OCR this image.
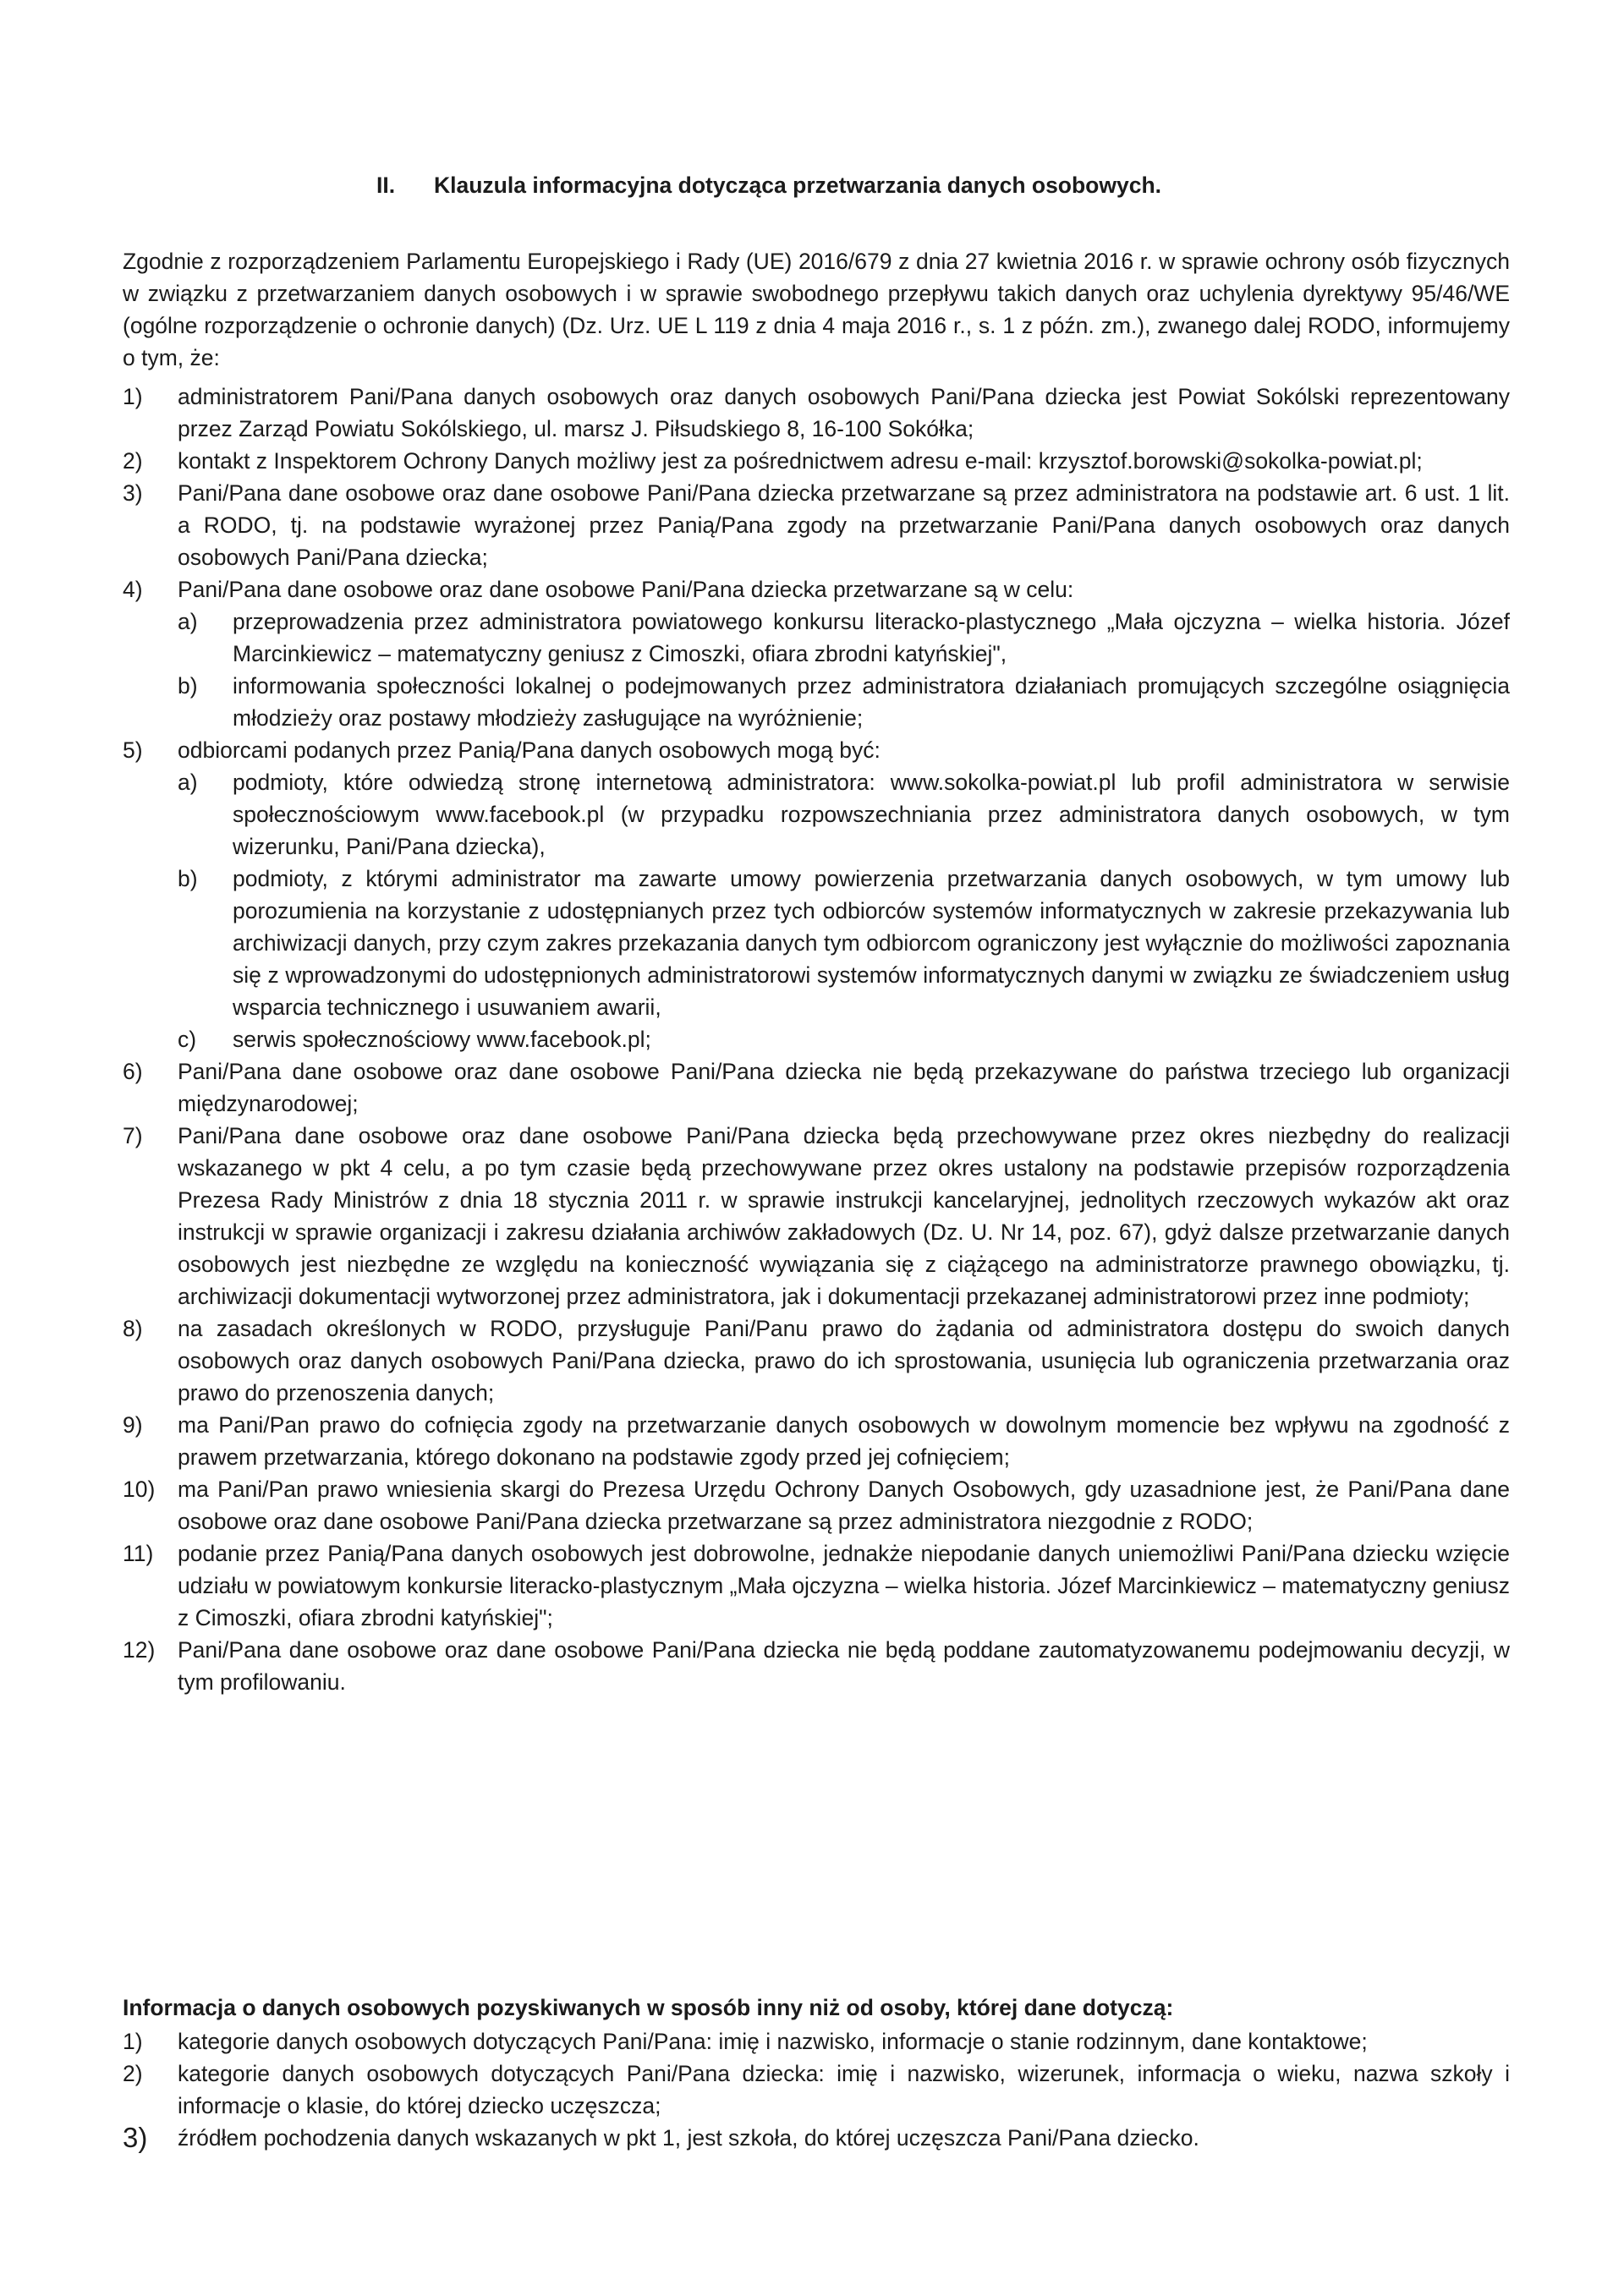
II. Klauzula informacyjna dotycząca przetwarzania danych osobowych.
Zgodnie z rozporządzeniem Parlamentu Europejskiego i Rady (UE) 2016/679 z dnia 27 kwietnia 2016 r. w sprawie ochrony osób fizycznych w związku z przetwarzaniem danych osobowych i w sprawie swobodnego przepływu takich danych oraz uchylenia dyrektywy 95/46/WE (ogólne rozporządzenie o ochronie danych) (Dz. Urz. UE L 119 z dnia 4 maja 2016 r., s. 1 z późn. zm.), zwanego dalej RODO, informujemy o tym, że:
1) administratorem Pani/Pana danych osobowych oraz danych osobowych Pani/Pana dziecka jest Powiat Sokólski reprezentowany przez Zarząd Powiatu Sokólskiego, ul. marsz J. Piłsudskiego 8, 16-100 Sokółka;
2) kontakt z Inspektorem Ochrony Danych możliwy jest za pośrednictwem adresu e-mail: krzysztof.borowski@sokolka-powiat.pl;
3) Pani/Pana dane osobowe oraz dane osobowe Pani/Pana dziecka przetwarzane są przez administratora na podstawie art. 6 ust. 1 lit. a RODO, tj. na podstawie wyrażonej przez Panią/Pana zgody na przetwarzanie Pani/Pana danych osobowych oraz danych osobowych Pani/Pana dziecka;
4) Pani/Pana dane osobowe oraz dane osobowe Pani/Pana dziecka przetwarzane są w celu:
a) przeprowadzenia przez administratora powiatowego konkursu literacko-plastycznego „Mała ojczyzna – wielka historia. Józef Marcinkiewicz – matematyczny geniusz z Cimoszki, ofiara zbrodni katyńskiej",
b) informowania społeczności lokalnej o podejmowanych przez administratora działaniach promujących szczególne osiągnięcia młodzieży oraz postawy młodzieży zasługujące na wyróżnienie;
5) odbiorcami podanych przez Panią/Pana danych osobowych mogą być:
a) podmioty, które odwiedzą stronę internetową administratora: www.sokolka-powiat.pl lub profil administratora w serwisie społecznościowym www.facebook.pl (w przypadku rozpowszechniania przez administratora danych osobowych, w tym wizerunku, Pani/Pana dziecka),
b) podmioty, z którymi administrator ma zawarte umowy powierzenia przetwarzania danych osobowych, w tym umowy lub porozumienia na korzystanie z udostępnianych przez tych odbiorców systemów informatycznych w zakresie przekazywania lub archiwizacji danych, przy czym zakres przekazania danych tym odbiorcom ograniczony jest wyłącznie do możliwości zapoznania się z wprowadzonymi do udostępnionych administratorowi systemów informatycznych danymi w związku ze świadczeniem usług wsparcia technicznego i usuwaniem awarii,
c) serwis społecznościowy www.facebook.pl;
6) Pani/Pana dane osobowe oraz dane osobowe Pani/Pana dziecka nie będą przekazywane do państwa trzeciego lub organizacji międzynarodowej;
7) Pani/Pana dane osobowe oraz dane osobowe Pani/Pana dziecka będą przechowywane przez okres niezbędny do realizacji wskazanego w pkt 4 celu, a po tym czasie będą przechowywane przez okres ustalony na podstawie przepisów rozporządzenia Prezesa Rady Ministrów z dnia 18 stycznia 2011 r. w sprawie instrukcji kancelaryjnej, jednolitych rzeczowych wykazów akt oraz instrukcji w sprawie organizacji i zakresu działania archiwów zakładowych (Dz. U. Nr 14, poz. 67), gdyż dalsze przetwarzanie danych osobowych jest niezbędne ze względu na konieczność wywiązania się z ciążącego na administratorze prawnego obowiązku, tj. archiwizacji dokumentacji wytworzonej przez administratora, jak i dokumentacji przekazanej administratorowi przez inne podmioty;
8) na zasadach określonych w RODO, przysługuje Pani/Panu prawo do żądania od administratora dostępu do swoich danych osobowych oraz danych osobowych Pani/Pana dziecka, prawo do ich sprostowania, usunięcia lub ograniczenia przetwarzania oraz prawo do przenoszenia danych;
9) ma Pani/Pan prawo do cofnięcia zgody na przetwarzanie danych osobowych w dowolnym momencie bez wpływu na zgodność z prawem przetwarzania, którego dokonano na podstawie zgody przed jej cofnięciem;
10) ma Pani/Pan prawo wniesienia skargi do Prezesa Urzędu Ochrony Danych Osobowych, gdy uzasadnione jest, że Pani/Pana dane osobowe oraz dane osobowe Pani/Pana dziecka przetwarzane są przez administratora niezgodnie z RODO;
11) podanie przez Panią/Pana danych osobowych jest dobrowolne, jednakże niepodanie danych uniemożliwi Pani/Pana dziecku wzięcie udziału w powiatowym konkursie literacko-plastycznym „Mała ojczyzna – wielka historia. Józef Marcinkiewicz – matematyczny geniusz z Cimoszki, ofiara zbrodni katyńskiej";
12) Pani/Pana dane osobowe oraz dane osobowe Pani/Pana dziecka nie będą poddane zautomatyzowanemu podejmowaniu decyzji, w tym profilowaniu.
Informacja o danych osobowych pozyskiwanych w sposób inny niż od osoby, której dane dotyczą:
1) kategorie danych osobowych dotyczących Pani/Pana: imię i nazwisko, informacje o stanie rodzinnym, dane kontaktowe;
2) kategorie danych osobowych dotyczących Pani/Pana dziecka: imię i nazwisko, wizerunek, informacja o wieku, nazwa szkoły i informacje o klasie, do której dziecko uczęszcza;
3) źródłem pochodzenia danych wskazanych w pkt 1, jest szkoła, do której uczęszcza Pani/Pana dziecko.
